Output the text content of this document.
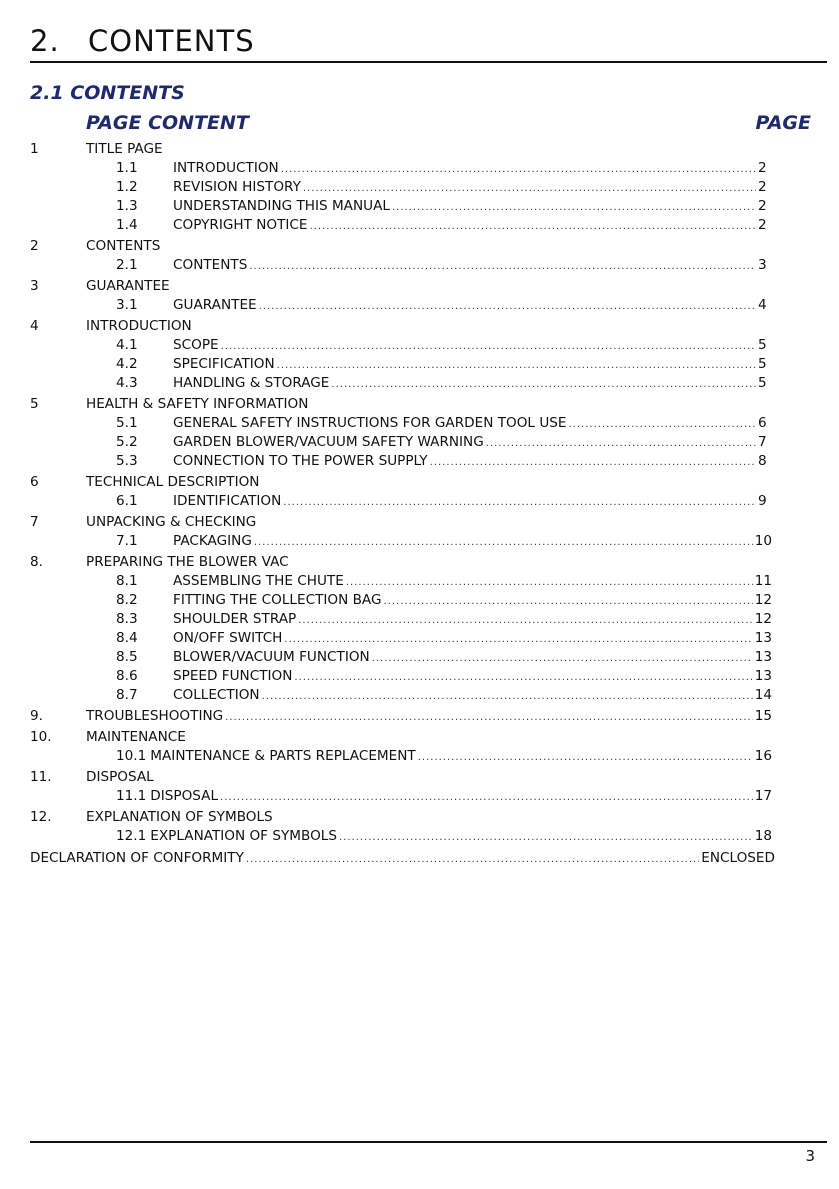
2. CONTENTS
2.1 CONTENTS
PAGE CONTENT	PAGE
1	TITLE PAGE
1.1	INTRODUCTION .....	2
1.2	REVISION HISTORY .....	2
1.3	UNDERSTANDING THIS MANUAL .....	2
1.4	COPYRIGHT NOTICE .....	2
2	CONTENTS
2.1	CONTENTS .....	3
3	GUARANTEE
3.1	GUARANTEE .....	4
4	INTRODUCTION
4.1	SCOPE .....	5
4.2	SPECIFICATION .....	5
4.3	HANDLING & STORAGE .....	5
5	HEALTH & SAFETY INFORMATION
5.1	GENERAL SAFETY INSTRUCTIONS FOR GARDEN TOOL USE .....	6
5.2	GARDEN BLOWER/VACUUM SAFETY WARNING .....	7
5.3	CONNECTION TO THE POWER SUPPLY .....	8
6	TECHNICAL DESCRIPTION
6.1	IDENTIFICATION .....	9
7	UNPACKING & CHECKING
7.1	PACKAGING .....	10
8.	PREPARING THE BLOWER VAC
8.1	ASSEMBLING THE CHUTE .....	11
8.2	FITTING THE COLLECTION BAG .....	12
8.3	SHOULDER STRAP .....	12
8.4	ON/OFF SWITCH .....	13
8.5	BLOWER/VACUUM FUNCTION .....	13
8.6	SPEED FUNCTION .....	13
8.7	COLLECTION .....	14
9.	TROUBLESHOOTING .....	15
10.	MAINTENANCE
10.1 MAINTENANCE & PARTS REPLACEMENT .....	16
11.	DISPOSAL
11.1 DISPOSAL .....	17
12.	EXPLANATION OF SYMBOLS
12.1 EXPLANATION OF SYMBOLS .....	18
DECLARATION OF CONFORMITY .....	ENCLOSED
3
